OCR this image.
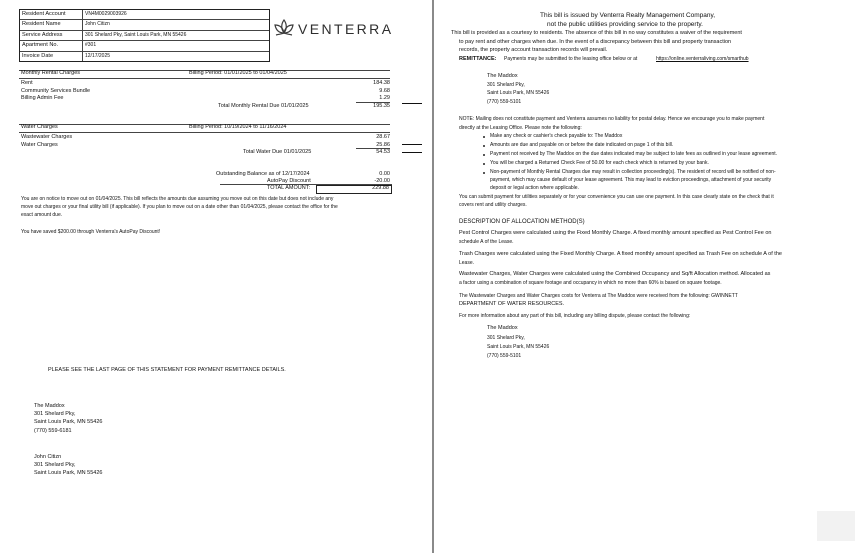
Resident Account	VN4M0029003926
Resident Name	John Citizn
Service Address	301 Shelard Pky, Saint Louis Park, MN 55426
Apartment No.	#301
Invoice Date	12/17/2025
VENTERRA
Monthly Rental Charges	Billing Period: 01/01/2025 to 01/04/2025
Rent	184.38
Community Services Bundle	9.68
Billing Admin Fee	1.29
Total Monthly Rental Due 01/01/2025	195.35
Water Charges	Billing Period: 10/19/2024 to 11/16/2024
Wastewater Charges	28.67
Water Charges	25.86
Total Water Due 01/01/2025	54.53
Outstanding Balance as of 12/17/2024	0.00
AutoPay Discount	-20.00
TOTAL AMOUNT:	229.88
You are on notice to move out on 01/04/2025. This bill reflects the amounts due assuming you move out on this date but does not include any
move out charges or your final utility bill (if applicable). If you plan to move out on a date other than 01/04/2025, please contact the office for the
exact amount due.
You have saved $200.00 through Venterra's AutoPay Discount!
PLEASE SEE THE LAST PAGE OF THIS STATEMENT FOR PAYMENT REMITTANCE DETAILS.
The Maddox
301 Shelard Pky,
Saint Louis Park, MN 55426
(770) 559-6181
John Citizn
301 Shelard Pky,
Saint Louis Park, MN 55426
This bill is issued by Venterra Realty Management Company,
not the public utilities providing service to the property.
This bill is provided as a courtesy to residents. The absence of this bill in no way constitutes a waiver of the requirement
to pay rent and other charges when due. In the event of a discrepancy between this bill and property transaction
records, the property account transaction records will prevail.
REMITTANCE: Payments may be submitted to the leasing office below or at	https://online.venterraliving.com/smarthub
The Maddox
301 Shelard Pky,
Saint Louis Park, MN 55426
(770) 559-5101
NOTE: Mailing does not constitute payment and Venterra assumes no liability for postal delay. Hence we encourage you to make payment
directly at the Leasing Office. Please note the following:
Make any check or cashier's check payable to: The Maddox
Amounts are due and payable on or before the date indicated on page 1 of this bill.
Payment not received by The Maddox on the due dates indicated may be subject to late fees as outlined in your lease agreement.
You will be charged a Returned Check Fee of 50.00 for each check which is returned by your bank.
Non-payment of Monthly Rental Charges due may result in collection proceeding(s). The resident of record will be notified of non-
payment, which may cause default of your lease agreement. This may lead to eviction proceedings, attachment of your security
deposit or legal action where applicable.
You can submit payment for utilities separately or for your convenience you can use one payment. In this case clearly state on the check that it
covers rent and utility charges.
DESCRIPTION OF ALLOCATION METHOD(S)
Pest Control Charges were calculated using the Fixed Monthly Charge. A fixed monthly amount specified as Pest Control Fee on
schedule A of the Lease.
Trash Charges were calculated using the Fixed Monthly Charge. A fixed monthly amount specified as Trash Fee on schedule A of the
Lease.
Wastewater Charges, Water Charges were calculated using the Combined Occupancy and Sq/ft Allocation method. Allocated as
a factor using a combination of square footage and occupancy in which no more than 60% is based on square footage.
The Wastewater Charges and Water Charges costs for Venterra at The Maddox were received from the following: GWINNETT
DEPARTMENT OF WATER RESOURCES.
For more information about any part of this bill, including any billing dispute, please contact the following:
The Maddox
301 Shelard Pky,
Saint Louis Park, MN 55426
(770) 559-5101
